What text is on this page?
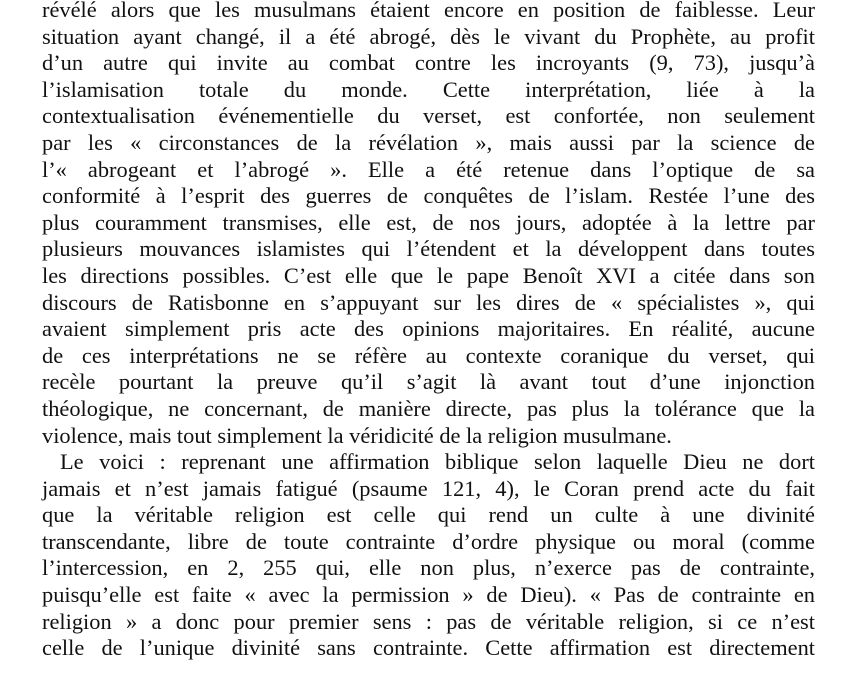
révélé alors que les musulmans étaient encore en position de faiblesse. Leur
situation ayant changé, il a été abrogé, dès le vivant du Prophète, au profit
d’un autre qui invite au combat contre les incroyants (9, 73), jusqu’à
l’islamisation totale du monde. Cette interprétation, liée à la
contextualisation événementielle du verset, est confortée, non seulement
par les « circonstances de la révélation », mais aussi par la science de
l’« abrogeant et l’abrogé ». Elle a été retenue dans l’optique de sa
conformité à l’esprit des guerres de conquêtes de l’islam. Restée l’une des
plus couramment transmises, elle est, de nos jours, adoptée à la lettre par
plusieurs mouvances islamistes qui l’étendent et la développent dans toutes
les directions possibles. C’est elle que le pape Benoît XVI a citée dans son
discours de Ratisbonne en s’appuyant sur les dires de « spécialistes », qui
avaient simplement pris acte des opinions majoritaires. En réalité, aucune
de ces interprétations ne se réfère au contexte coranique du verset, qui
recèle pourtant la preuve qu’il s’agit là avant tout d’une injonction
théologique, ne concernant, de manière directe, pas plus la tolérance que la
violence, mais tout simplement la véridicité de la religion musulmane.
Le voici : reprenant une affirmation biblique selon laquelle Dieu ne dort
jamais et n’est jamais fatigué (psaume 121, 4), le Coran prend acte du fait
que la véritable religion est celle qui rend un culte à une divinité
transcendante, libre de toute contrainte d’ordre physique ou moral (comme
l’intercession, en 2, 255 qui, elle non plus, n’exerce pas de contrainte,
puisqu’elle est faite « avec la permission » de Dieu). « Pas de contrainte en
religion » a donc pour premier sens : pas de véritable religion, si ce n’est
celle de l’unique divinité sans contrainte. Cette affirmation est directement
